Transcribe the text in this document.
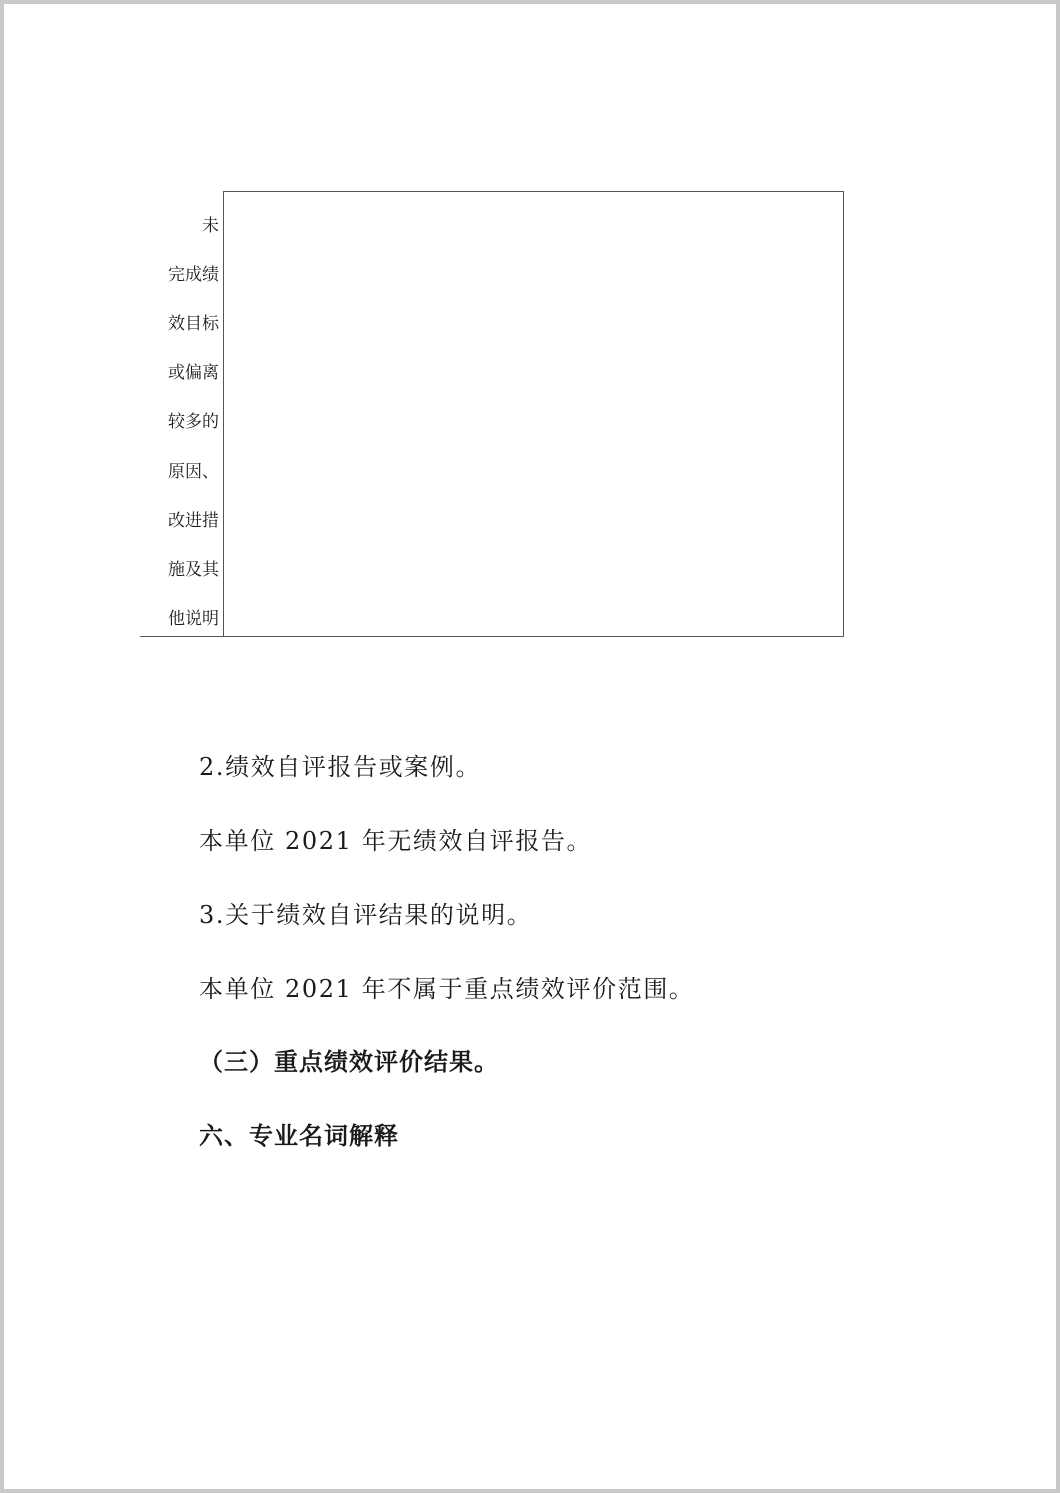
未
完成绩
效目标
或偏离
较多的
原因、
改进措
施及其
他说明
2.绩效自评报告或案例。
本单位 2021 年无绩效自评报告。
3.关于绩效自评结果的说明。
本单位 2021 年不属于重点绩效评价范围。
（三）重点绩效评价结果。
六、专业名词解释
